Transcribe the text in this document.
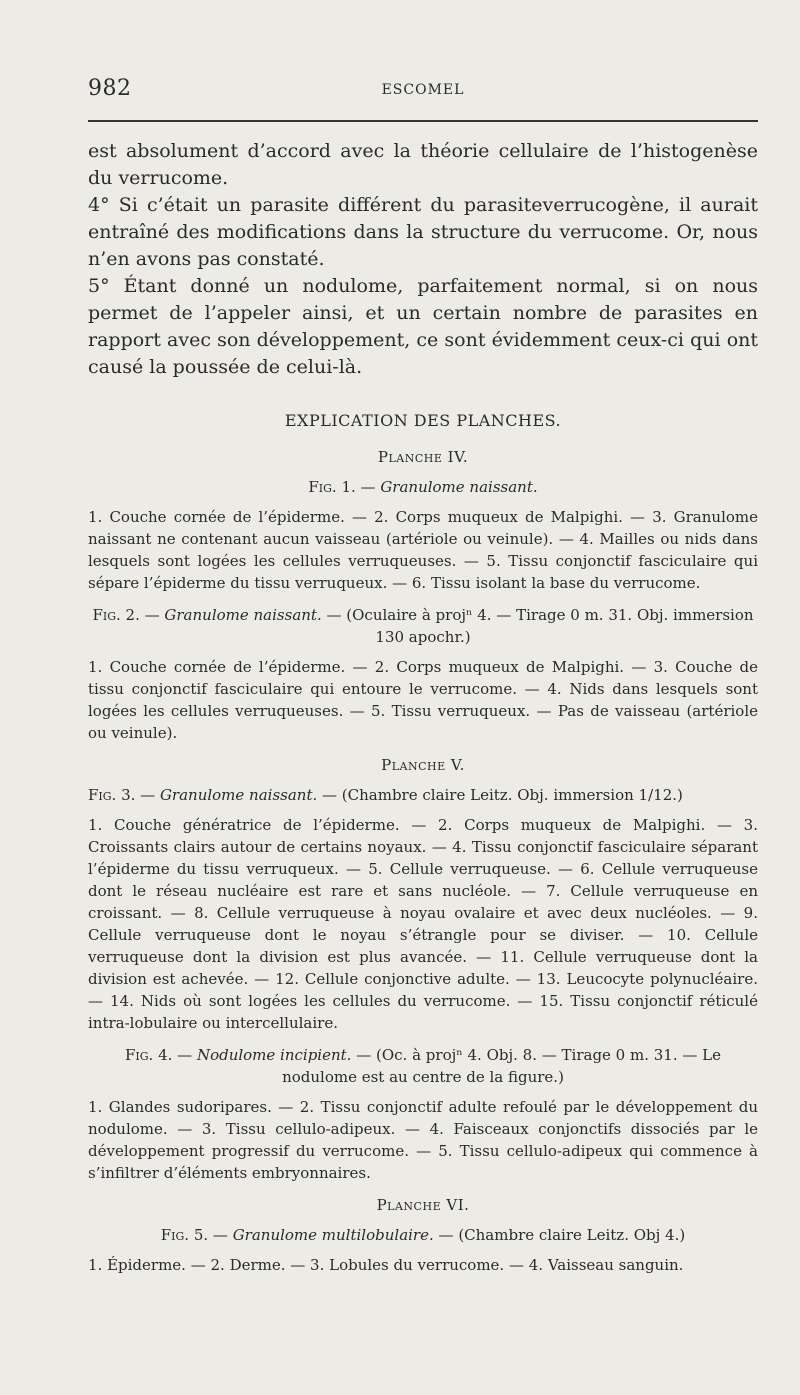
982	ESCOMEL

est absolument d’accord avec la théorie cellulaire de l’histogenèse du verrucome.

4° Si c’était un parasite différent du parasiteverrucogène, il aurait entraîné des modifications dans la structure du verrucome. Or, nous n’en avons pas constaté.

5° Étant donné un nodulome, parfaitement normal, si on nous permet de l’appeler ainsi, et un certain nombre de parasites en rapport avec son développement, ce sont évidemment ceux-ci qui ont causé la poussée de celui-là.

EXPLICATION DES PLANCHES.
Planche IV.
Fig. 1. — Granulome naissant.

1. Couche cornée de l’épiderme. — 2. Corps muqueux de Malpighi. — 3. Granulome naissant ne contenant aucun vaisseau (artériole ou veinule). — 4. Mailles ou nids dans lesquels sont logées les cellules verruqueuses. — 5. Tissu conjonctif fasciculaire qui sépare l’épiderme du tissu verruqueux. — 6. Tissu isolant la base du verrucome.

Fig. 2. — Granulome naissant. — (Oculaire à projⁿ 4. — Tirage 0 m. 31. Obj. immersion 130 apochr.)

1. Couche cornée de l’épiderme. — 2. Corps muqueux de Malpighi. — 3. Couche de tissu conjonctif fasciculaire qui entoure le verrucome. — 4. Nids dans lesquels sont logées les cellules verruqueuses. — 5. Tissu verruqueux. — Pas de vaisseau (artériole ou veinule).

Planche V.
Fig. 3. — Granulome naissant. — (Chambre claire Leitz. Obj. immersion 1/12.)

1. Couche génératrice de l’épiderme. — 2. Corps muqueux de Malpighi. — 3. Croissants clairs autour de certains noyaux. — 4. Tissu conjonctif fasciculaire séparant l’épiderme du tissu verruqueux. — 5. Cellule verruqueuse. — 6. Cellule verruqueuse dont le réseau nucléaire est rare et sans nucléole. — 7. Cellule verruqueuse en croissant. — 8. Cellule verruqueuse à noyau ovalaire et avec deux nucléoles. — 9. Cellule verruqueuse dont le noyau s’étrangle pour se diviser. — 10. Cellule verruqueuse dont la division est plus avancée. — 11. Cellule verruqueuse dont la division est achevée. — 12. Cellule conjonctive adulte. — 13. Leucocyte polynucléaire. — 14. Nids où sont logées les cellules du verrucome. — 15. Tissu conjonctif réticulé intra-lobulaire ou intercellulaire.

Fig. 4. — Nodulome incipient. — (Oc. à projⁿ 4. Obj. 8. — Tirage 0 m. 31. — Le nodulome est au centre de la figure.)

1. Glandes sudoripares. — 2. Tissu conjonctif adulte refoulé par le développement du nodulome. — 3. Tissu cellulo-adipeux. — 4. Faisceaux conjonctifs dissociés par le développement progressif du verrucome. — 5. Tissu cellulo-adipeux qui commence à s’infiltrer d’éléments embryonnaires.

Planche VI.
Fig. 5. — Granulome multilobulaire. — (Chambre claire Leitz. Obj 4.)

1. Épiderme. — 2. Derme. — 3. Lobules du verrucome. — 4. Vaisseau sanguin.
